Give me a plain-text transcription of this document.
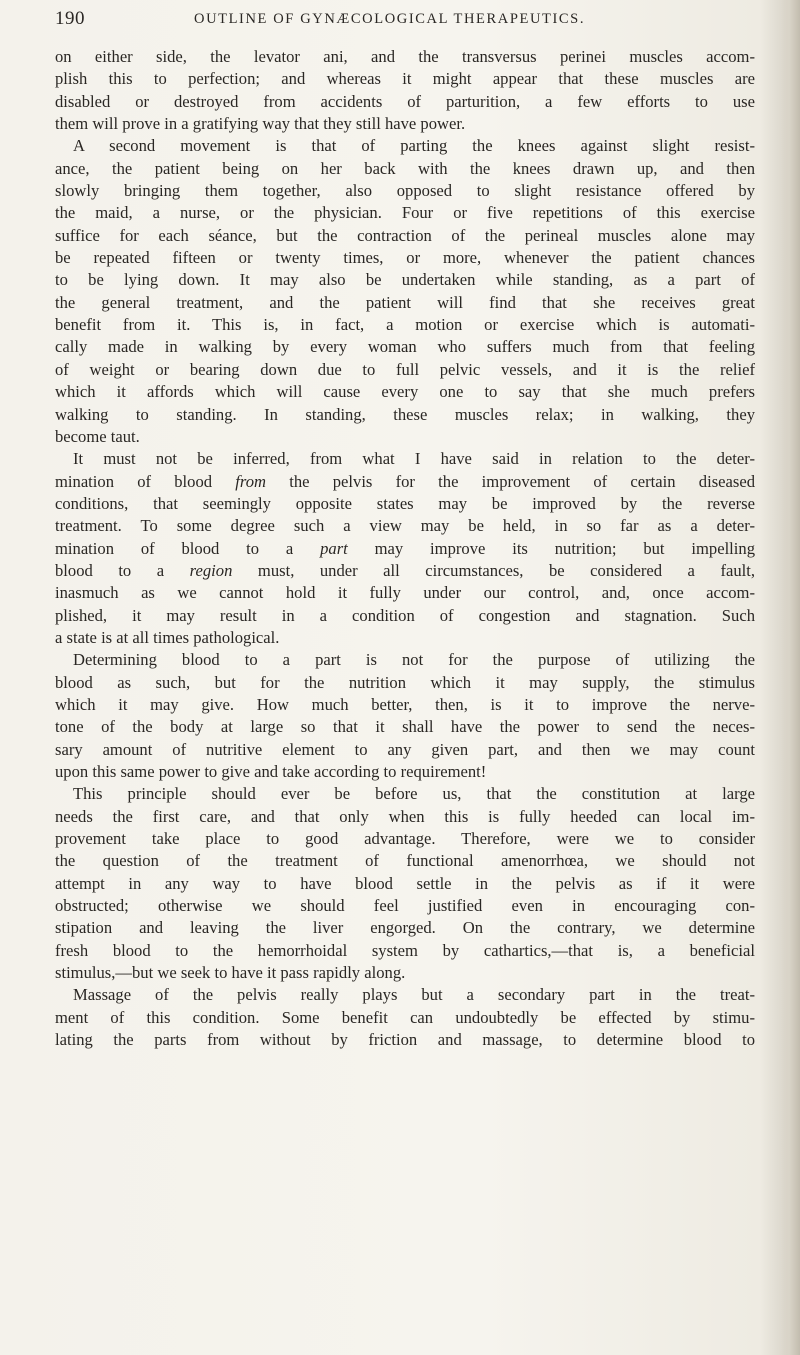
190	OUTLINE OF GYNÆCOLOGICAL THERAPEUTICS.
on either side, the levator ani, and the transversus perinei muscles accom-
plish this to perfection; and whereas it might appear that these muscles are
disabled or destroyed from accidents of parturition, a few efforts to use
them will prove in a gratifying way that they still have power.
A second movement is that of parting the knees against slight resist-
ance, the patient being on her back with the knees drawn up, and then
slowly bringing them together, also opposed to slight resistance offered by
the maid, a nurse, or the physician. Four or five repetitions of this exercise
suffice for each séance, but the contraction of the perineal muscles alone may
be repeated fifteen or twenty times, or more, whenever the patient chances
to be lying down. It may also be undertaken while standing, as a part of
the general treatment, and the patient will find that she receives great
benefit from it. This is, in fact, a motion or exercise which is automati-
cally made in walking by every woman who suffers much from that feeling
of weight or bearing down due to full pelvic vessels, and it is the relief
which it affords which will cause every one to say that she much prefers
walking to standing. In standing, these muscles relax; in walking, they
become taut.
It must not be inferred, from what I have said in relation to the deter-
mination of blood from the pelvis for the improvement of certain diseased
conditions, that seemingly opposite states may be improved by the reverse
treatment. To some degree such a view may be held, in so far as a deter-
mination of blood to a part may improve its nutrition; but impelling
blood to a region must, under all circumstances, be considered a fault,
inasmuch as we cannot hold it fully under our control, and, once accom-
plished, it may result in a condition of congestion and stagnation. Such
a state is at all times pathological.
Determining blood to a part is not for the purpose of utilizing the
blood as such, but for the nutrition which it may supply, the stimulus
which it may give. How much better, then, is it to improve the nerve-
tone of the body at large so that it shall have the power to send the neces-
sary amount of nutritive element to any given part, and then we may count
upon this same power to give and take according to requirement!
This principle should ever be before us, that the constitution at large
needs the first care, and that only when this is fully heeded can local im-
provement take place to good advantage. Therefore, were we to consider
the question of the treatment of functional amenorrhœa, we should not
attempt in any way to have blood settle in the pelvis as if it were
obstructed; otherwise we should feel justified even in encouraging con-
stipation and leaving the liver engorged. On the contrary, we determine
fresh blood to the hemorrhoidal system by cathartics,—that is, a beneficial
stimulus,—but we seek to have it pass rapidly along.
Massage of the pelvis really plays but a secondary part in the treat-
ment of this condition. Some benefit can undoubtedly be effected by stimu-
lating the parts from without by friction and massage, to determine blood to
